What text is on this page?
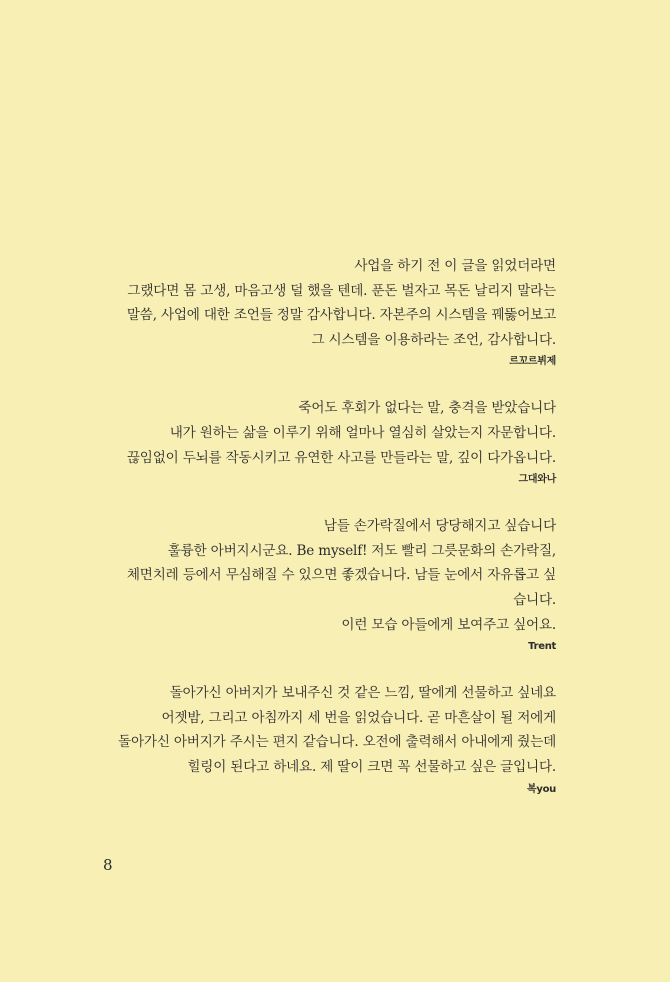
사업을 하기 전 이 글을 읽었더라면
그랬다면 몸 고생, 마음고생 덜 했을 텐데. 푼돈 벌자고 목돈 날리지 말라는
말씀, 사업에 대한 조언들 정말 감사합니다. 자본주의 시스템을 꿰뚫어보고
그 시스템을 이용하라는 조언, 감사합니다.
르꼬르뷔제
죽어도 후회가 없다는 말, 충격을 받았습니다
내가 원하는 삶을 이루기 위해 얼마나 열심히 살았는지 자문합니다.
끊임없이 두뇌를 작동시키고 유연한 사고를 만들라는 말, 깊이 다가옵니다.
그대와나
남들 손가락질에서 당당해지고 싶습니다
훌륭한 아버지시군요. Be myself! 저도 빨리 그릇문화의 손가락질,
체면치레 등에서 무심해질 수 있으면 좋겠습니다. 남들 눈에서 자유롭고 싶
습니다.
이런 모습 아들에게 보여주고 싶어요.
Trent
돌아가신 아버지가 보내주신 것 같은 느낌, 딸에게 선물하고 싶네요
어젯밤, 그리고 아침까지 세 번을 읽었습니다. 곧 마흔살이 될 저에게
돌아가신 아버지가 주시는 편지 같습니다. 오전에 출력해서 아내에게 줬는데
힐링이 된다고 하네요. 제 딸이 크면 꼭 선물하고 싶은 글입니다.
복you
8
